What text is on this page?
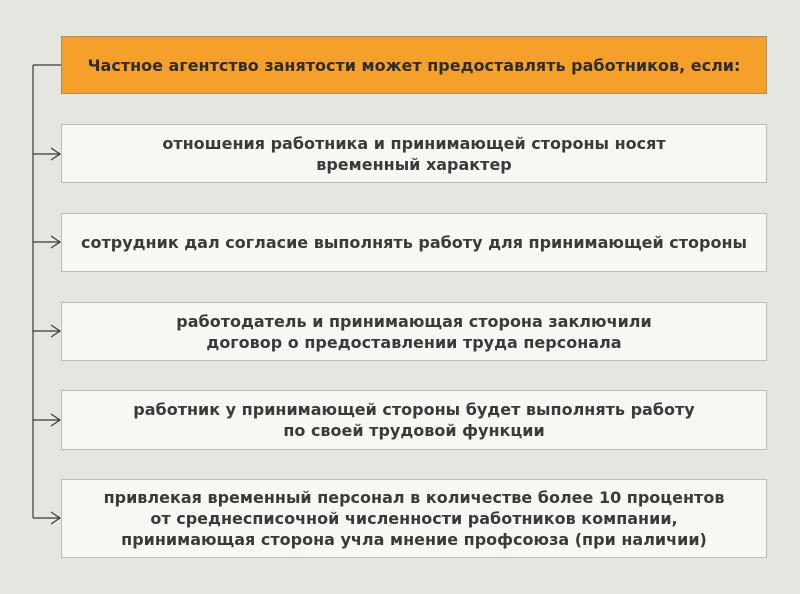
Частное агентство занятости может предоставлять работников, если:
отношения работника и принимающей стороны носят
временный характер
сотрудник дал согласие выполнять работу для принимающей стороны
работодатель и принимающая сторона заключили
договор о предоставлении труда персонала
работник у принимающей стороны будет выполнять работу
по своей трудовой функции
привлекая временный персонал в количестве более 10 процентов
от среднесписочной численности работников компании,
принимающая сторона учла мнение профсоюза (при наличии)
